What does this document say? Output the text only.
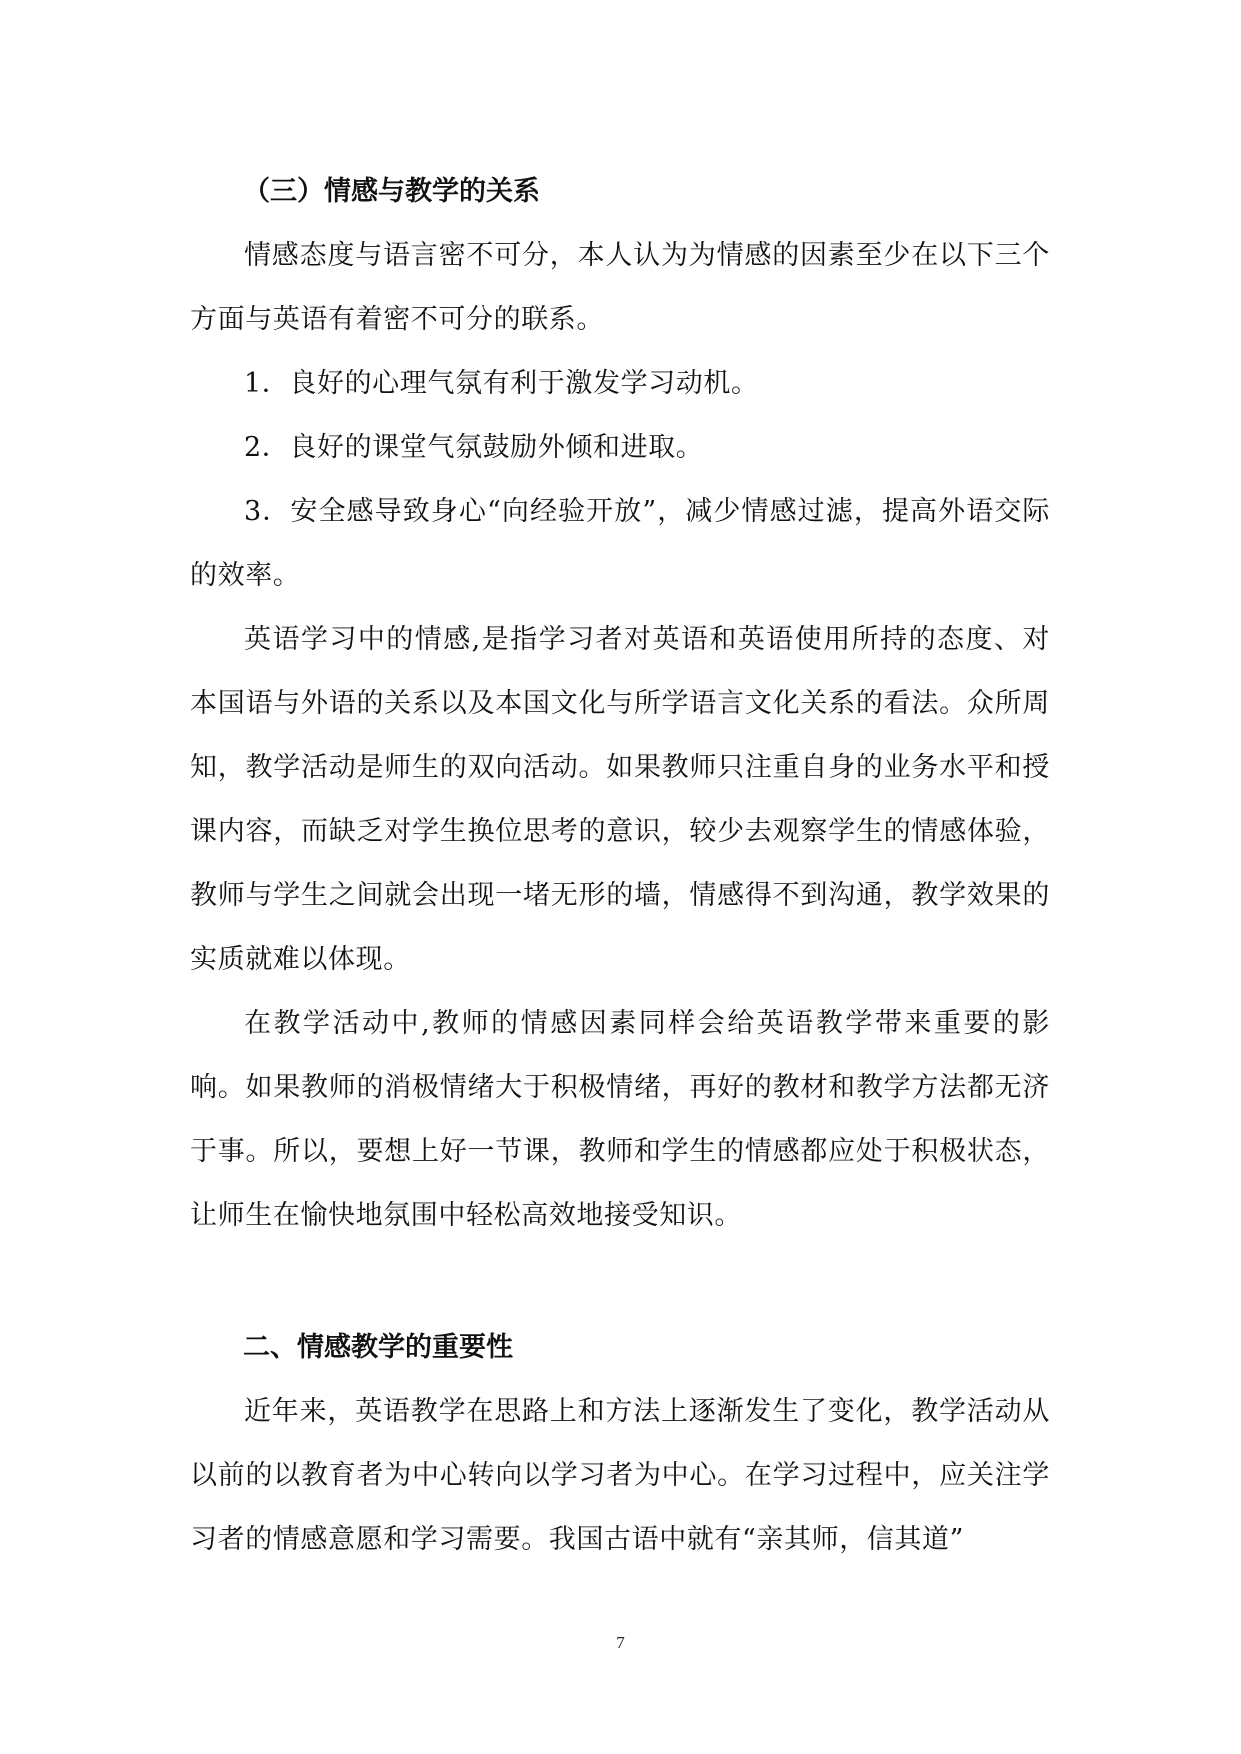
（三）情感与教学的关系

情感态度与语言密不可分，本人认为为情感的因素至少在以下三个方面与英语有着密不可分的联系。

1．良好的心理气氛有利于激发学习动机。

2．良好的课堂气氛鼓励外倾和进取。

3．安全感导致身心“向经验开放”，减少情感过滤，提高外语交际的效率。

英语学习中的情感,是指学习者对英语和英语使用所持的态度、对本国语与外语的关系以及本国文化与所学语言文化关系的看法。众所周知，教学活动是师生的双向活动。如果教师只注重自身的业务水平和授课内容，而缺乏对学生换位思考的意识，较少去观察学生的情感体验，教师与学生之间就会出现一堵无形的墙，情感得不到沟通，教学效果的实质就难以体现。

在教学活动中,教师的情感因素同样会给英语教学带来重要的影响。如果教师的消极情绪大于积极情绪，再好的教材和教学方法都无济于事。所以，要想上好一节课，教师和学生的情感都应处于积极状态，让师生在愉快地氛围中轻松高效地接受知识。

二、情感教学的重要性

近年来，英语教学在思路上和方法上逐渐发生了变化，教学活动从以前的以教育者为中心转向以学习者为中心。在学习过程中，应关注学习者的情感意愿和学习需要。我国古语中就有“亲其师，信其道”

7
